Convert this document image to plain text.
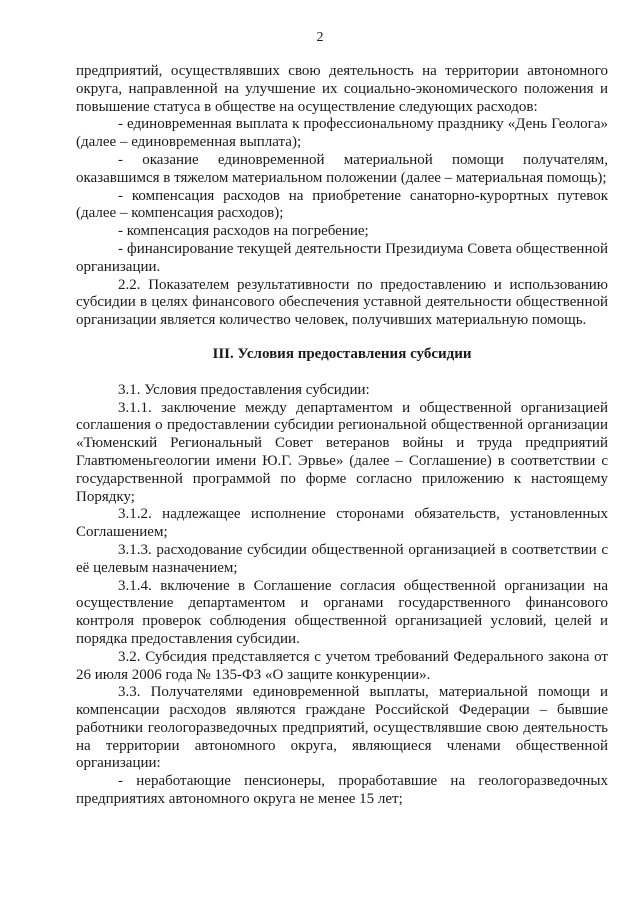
2

предприятий, осуществлявших свою деятельность на территории автономного округа, направленной на улучшение их социально-экономического положения и повышение статуса в обществе на осуществление следующих расходов:

- единовременная выплата к профессиональному празднику «День Геолога» (далее – единовременная выплата);

- оказание единовременной материальной помощи получателям, оказавшимся в тяжелом материальном положении (далее – материальная помощь);

- компенсация расходов на приобретение санаторно-курортных путевок (далее – компенсация расходов);

- компенсация расходов на погребение;

- финансирование текущей деятельности Президиума Совета общественной организации.

2.2. Показателем результативности по предоставлению и использованию субсидии в целях финансового обеспечения уставной деятельности общественной организации является количество человек, получивших материальную помощь.

III. Условия предоставления субсидии

3.1. Условия предоставления субсидии:

3.1.1. заключение между департаментом и общественной организацией соглашения о предоставлении субсидии региональной общественной организации «Тюменский Региональный Совет ветеранов войны и труда предприятий Главтюменьгеологии имени Ю.Г. Эрвье» (далее – Соглашение) в соответствии с государственной программой по форме согласно приложению к настоящему Порядку;

3.1.2. надлежащее исполнение сторонами обязательств, установленных Соглашением;

3.1.3. расходование субсидии общественной организацией в соответствии с её целевым назначением;

3.1.4. включение в Соглашение согласия общественной организации на осуществление департаментом и органами государственного финансового контроля проверок соблюдения общественной организацией условий, целей и порядка предоставления субсидии.

3.2. Субсидия представляется с учетом требований Федерального закона от 26 июля 2006 года № 135-ФЗ «О защите конкуренции».

3.3. Получателями единовременной выплаты, материальной помощи и компенсации расходов являются граждане Российской Федерации – бывшие работники геологоразведочных предприятий, осуществлявшие свою деятельность на территории автономного округа, являющиеся членами общественной организации:

- неработающие пенсионеры, проработавшие на геологоразведочных предприятиях автономного округа не менее 15 лет;
